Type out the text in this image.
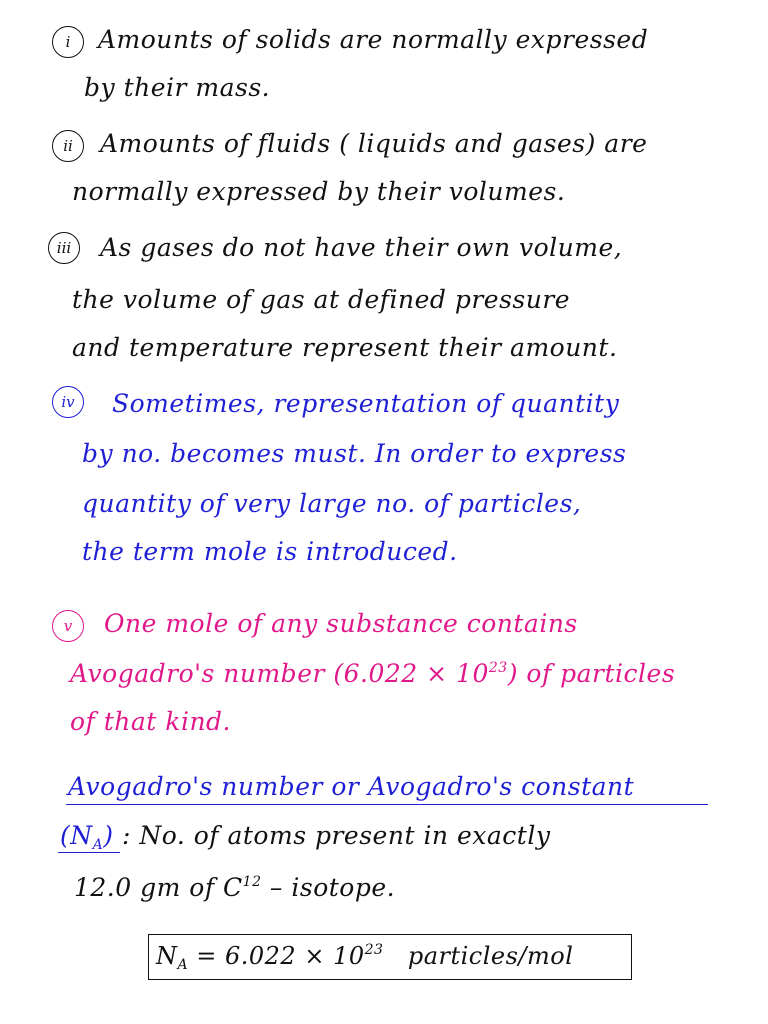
i	Amounts of solids are normally expressed
by their mass.
ii	Amounts of fluids ( liquids and gases) are
normally expressed by their volumes.
iii	As gases do not have their own volume,
the volume of gas at defined pressure
and temperature represent their amount.
iv	Sometimes, representation of quantity
by no. becomes must. In order to express
quantity of very large no. of particles,
the term mole is introduced.
v	One mole of any substance contains
Avogadro's number $(6.022 \times 10^{23})$ of particles
of that kind.
Avogadro's number or Avogadro's constant
$(N_A)$ : No. of atoms present in exactly
12.0 gm of $C^{12}$ – isotope.
$N_A = 6.022 \times 10^{23}$   particles/mol
